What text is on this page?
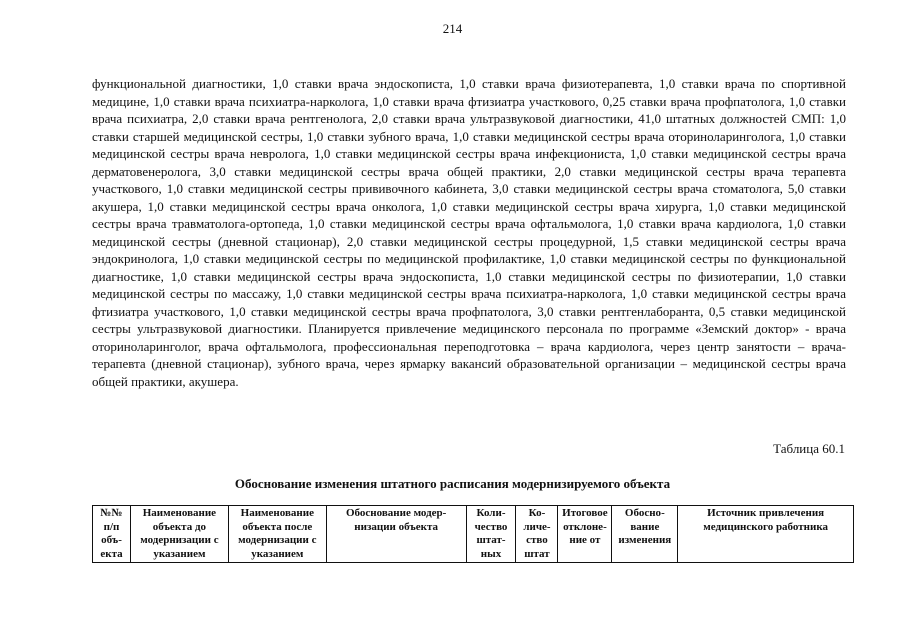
214

функциональной диагностики, 1,0 ставки врача эндоскописта, 1,0 ставки врача физиотерапевта, 1,0 ставки врача по спортивной медицине, 1,0 ставки врача психиатра-нарколога, 1,0 ставки врача фтизиатра участкового, 0,25 ставки врача профпатолога, 1,0 ставки врача психиатра, 2,0 ставки врача рентгенолога, 2,0 ставки врача ультразвуковой диагностики, 41,0 штатных должностей СМП: 1,0 ставки старшей медицинской сестры, 1,0 ставки зубного врача, 1,0 ставки медицинской сестры врача оториноларинголога, 1,0 ставки медицинской сестры врача невролога, 1,0 ставки медицинской сестры врача инфекциониста, 1,0 ставки медицинской сестры врача дерматовенеролога, 3,0 ставки медицинской сестры врача общей практики, 2,0 ставки медицинской сестры врача терапевта участкового, 1,0 ставки медицинской сестры прививочного кабинета, 3,0 ставки медицинской сестры врача стоматолога, 5,0 ставки акушера, 1,0 ставки медицинской сестры врача онколога, 1,0 ставки медицинской сестры врача хирурга, 1,0 ставки медицинской сестры врача травматолога-ортопеда, 1,0 ставки медицинской сестры врача офтальмолога, 1,0 ставки врача кардиолога, 1,0 ставки медицинской сестры (дневной стационар), 2,0 ставки медицинской сестры процедурной, 1,5 ставки медицинской сестры врача эндокринолога, 1,0 ставки медицинской сестры по медицинской профилактике, 1,0 ставки медицинской сестры по функциональной диагностике, 1,0 ставки медицинской сестры врача эндоскописта, 1,0 ставки медицинской сестры по физиотерапии, 1,0 ставки медицинской сестры по массажу, 1,0 ставки медицинской сестры врача психиатра-нарколога, 1,0 ставки медицинской сестры врача фтизиатра участкового, 1,0 ставки медицинской сестры врача профпатолога, 3,0 ставки рентгенлаборанта, 0,5 ставки медицинской сестры ультразвуковой диагностики. Планируется привлечение медицинского персонала по программе «Земский доктор» - врача оториноларинголог, врача офтальмолога, профессиональная переподготовка – врача кардиолога, через центр занятости – врача-терапевта (дневной стационар), зубного врача, через ярмарку вакансий образовательной организации – медицинской сестры врача общей практики, акушера.

Таблица 60.1
Обоснование изменения штатного расписания модернизируемого объекта
№№ п/п объекта	Наименование объекта до модернизации с указанием	Наименование объекта после модернизации с указанием	Обоснование модернизации объекта	Количество штатных	Количество штат	Итоговое отклонение от	Обоснование изменения	Источник привлечения медицинского работника
